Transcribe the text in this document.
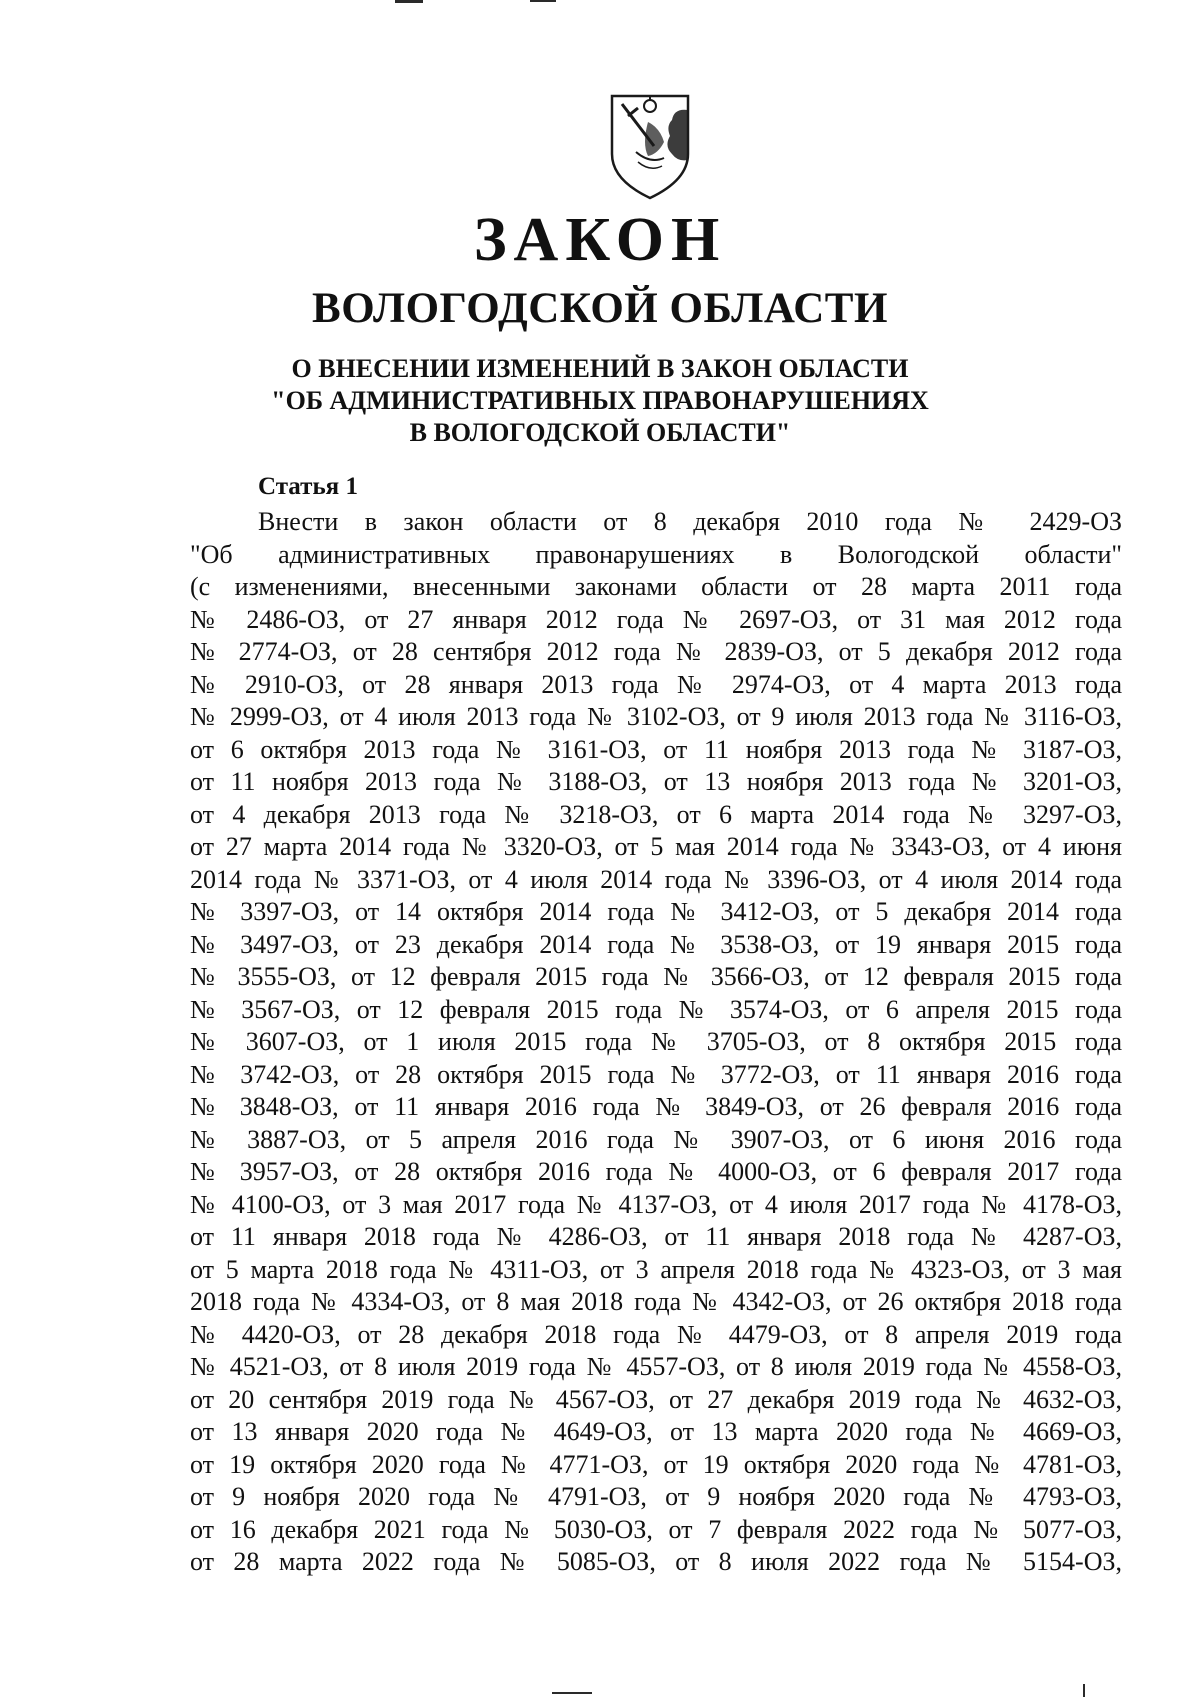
ЗАКОН
ВОЛОГОДСКОЙ ОБЛАСТИ
О ВНЕСЕНИИ ИЗМЕНЕНИЙ В ЗАКОН ОБЛАСТИ
"ОБ АДМИНИСТРАТИВНЫХ ПРАВОНАРУШЕНИЯХ
В ВОЛОГОДСКОЙ ОБЛАСТИ"
Статья 1
Внести в закон области от 8 декабря 2010 года № 2429-ОЗ
"Об административных правонарушениях в Вологодской области"
(с изменениями, внесенными законами области от 28 марта 2011 года
№ 2486-ОЗ, от 27 января 2012 года № 2697-ОЗ, от 31 мая 2012 года
№ 2774-ОЗ, от 28 сентября 2012 года № 2839-ОЗ, от 5 декабря 2012 года
№ 2910-ОЗ, от 28 января 2013 года № 2974-ОЗ, от 4 марта 2013 года
№ 2999-ОЗ, от 4 июля 2013 года № 3102-ОЗ, от 9 июля 2013 года № 3116-ОЗ,
от 6 октября 2013 года № 3161-ОЗ, от 11 ноября 2013 года № 3187-ОЗ,
от 11 ноября 2013 года № 3188-ОЗ, от 13 ноября 2013 года № 3201-ОЗ,
от 4 декабря 2013 года № 3218-ОЗ, от 6 марта 2014 года № 3297-ОЗ,
от 27 марта 2014 года № 3320-ОЗ, от 5 мая 2014 года № 3343-ОЗ, от 4 июня
2014 года № 3371-ОЗ, от 4 июля 2014 года № 3396-ОЗ, от 4 июля 2014 года
№ 3397-ОЗ, от 14 октября 2014 года № 3412-ОЗ, от 5 декабря 2014 года
№ 3497-ОЗ, от 23 декабря 2014 года № 3538-ОЗ, от 19 января 2015 года
№ 3555-ОЗ, от 12 февраля 2015 года № 3566-ОЗ, от 12 февраля 2015 года
№ 3567-ОЗ, от 12 февраля 2015 года № 3574-ОЗ, от 6 апреля 2015 года
№ 3607-ОЗ, от 1 июля 2015 года № 3705-ОЗ, от 8 октября 2015 года
№ 3742-ОЗ, от 28 октября 2015 года № 3772-ОЗ, от 11 января 2016 года
№ 3848-ОЗ, от 11 января 2016 года № 3849-ОЗ, от 26 февраля 2016 года
№ 3887-ОЗ, от 5 апреля 2016 года № 3907-ОЗ, от 6 июня 2016 года
№ 3957-ОЗ, от 28 октября 2016 года № 4000-ОЗ, от 6 февраля 2017 года
№ 4100-ОЗ, от 3 мая 2017 года № 4137-ОЗ, от 4 июля 2017 года № 4178-ОЗ,
от 11 января 2018 года № 4286-ОЗ, от 11 января 2018 года № 4287-ОЗ,
от 5 марта 2018 года № 4311-ОЗ, от 3 апреля 2018 года № 4323-ОЗ, от 3 мая
2018 года № 4334-ОЗ, от 8 мая 2018 года № 4342-ОЗ, от 26 октября 2018 года
№ 4420-ОЗ, от 28 декабря 2018 года № 4479-ОЗ, от 8 апреля 2019 года
№ 4521-ОЗ, от 8 июля 2019 года № 4557-ОЗ, от 8 июля 2019 года № 4558-ОЗ,
от 20 сентября 2019 года № 4567-ОЗ, от 27 декабря 2019 года № 4632-ОЗ,
от 13 января 2020 года № 4649-ОЗ, от 13 марта 2020 года № 4669-ОЗ,
от 19 октября 2020 года № 4771-ОЗ, от 19 октября 2020 года № 4781-ОЗ,
от 9 ноября 2020 года № 4791-ОЗ, от 9 ноября 2020 года № 4793-ОЗ,
от 16 декабря 2021 года № 5030-ОЗ, от 7 февраля 2022 года № 5077-ОЗ,
от 28 марта 2022 года № 5085-ОЗ, от 8 июля 2022 года № 5154-ОЗ,
